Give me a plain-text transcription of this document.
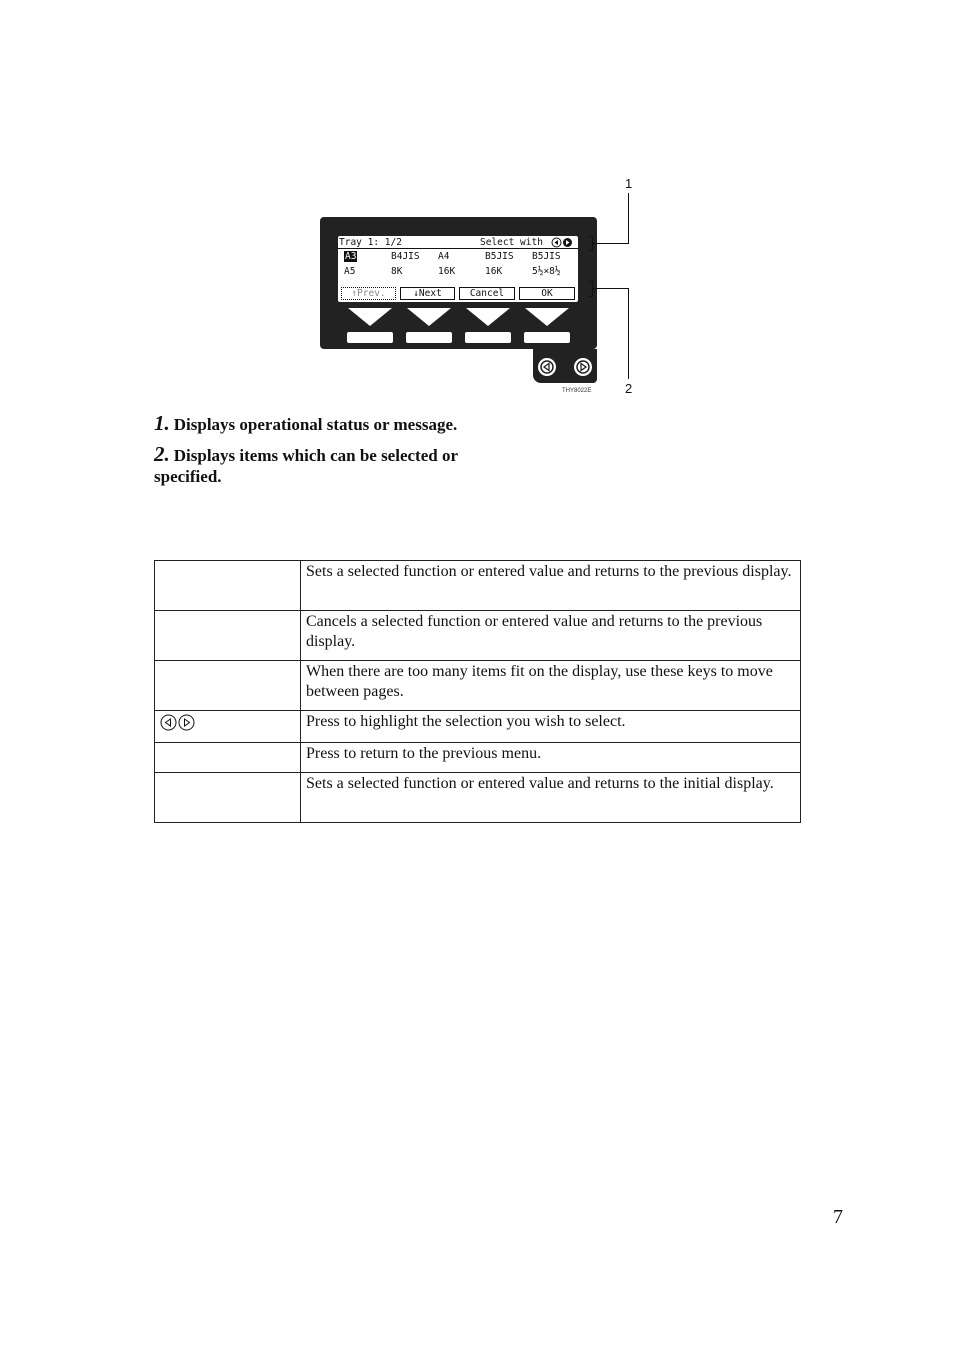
Tray 1: 1/2	Select with
A3	B4JIS A4	B5JIS B5JIS
A5	8K	16K	16K	5½×8½
↑Prev.	↓Next	Cancel	OK
THY8022E
1
2

1. Displays operational status or message.

2. Displays items which can be selected or specified.

	Sets a selected function or entered value and returns to the previous display.
	Cancels a selected function or entered value and returns to the previous display.
	When there are too many items fit on the display, use these keys to move between pages.

	Press to highlight the selection you wish to select.
	Press to return to the previous menu.
	Sets a selected function or entered value and returns to the initial display.
7
